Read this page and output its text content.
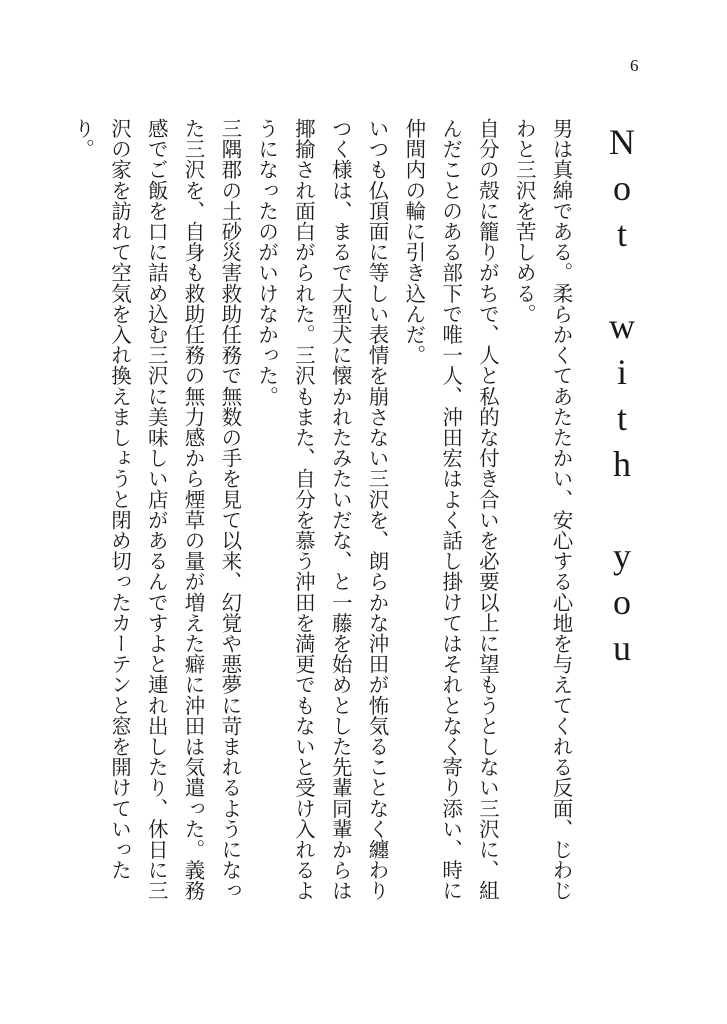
6
Not with you

男は真綿である。柔らかくてあたたかい、安心する心地を与えてくれる反面、じわじわと三沢を苦しめる。

自分の殻に籠りがちで、人と私的な付き合いを必要以上に望もうとしない三沢に、組んだことのある部下で唯一人、沖田宏はよく話し掛けてはそれとなく寄り添い、時に仲間内の輪に引き込んだ。

いつも仏頂面に等しい表情を崩さない三沢を、朗らかな沖田が怖気ることなく纏わりつく様は、まるで大型犬に懐かれたみたいだな、と一藤を始めとした先輩同輩からは揶揄され面白がられた。三沢もまた、自分を慕う沖田を満更でもないと受け入れるようになったのがいけなかった。

三隅郡の土砂災害救助任務で無数の手を見て以来、幻覚や悪夢に苛まれるようになった三沢を、自身も救助任務の無力感から煙草の量が増えた癖に沖田は気遣った。義務感でご飯を口に詰め込む三沢に美味しい店があるんですよと連れ出したり、休日に三沢の家を訪れて空気を入れ換えましょうと閉め切ったカーテンと窓を開けていったり。
